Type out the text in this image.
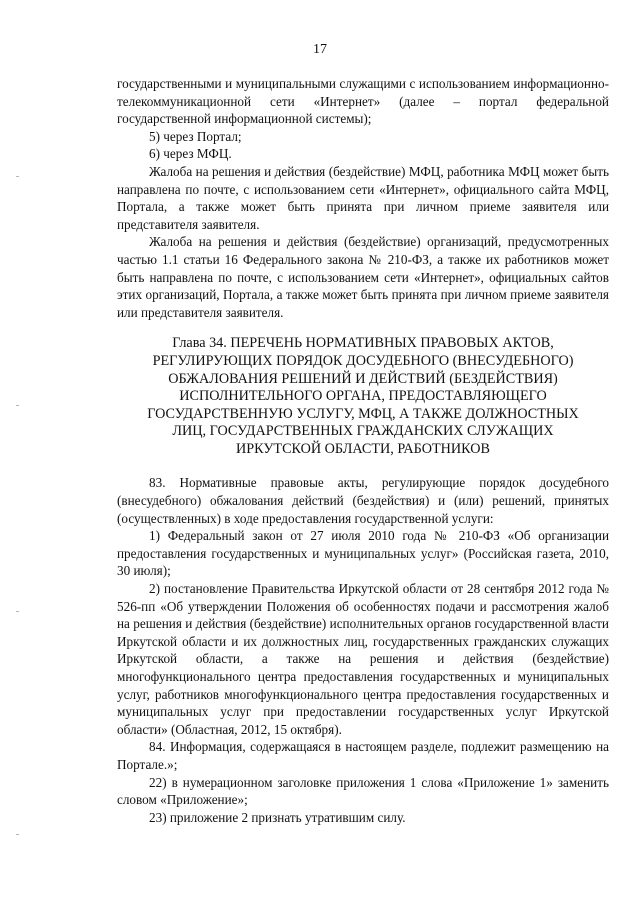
17

государственными и муниципальными служащими с использованием информационно-телекоммуникационной сети «Интернет» (далее – портал федеральной государственной информационной системы);

5) через Портал;

6) через МФЦ.

Жалоба на решения и действия (бездействие) МФЦ, работника МФЦ может быть направлена по почте, с использованием сети «Интернет», официального сайта МФЦ, Портала, а также может быть принята при личном приеме заявителя или представителя заявителя.

Жалоба на решения и действия (бездействие) организаций, предусмотренных частью 1.1 статьи 16 Федерального закона № 210-ФЗ, а также их работников может быть направлена по почте, с использованием сети «Интернет», официальных сайтов этих организаций, Портала, а также может быть принята при личном приеме заявителя или представителя заявителя.

Глава 34. ПЕРЕЧЕНЬ НОРМАТИВНЫХ ПРАВОВЫХ АКТОВ,
РЕГУЛИРУЮЩИХ ПОРЯДОК ДОСУДЕБНОГО (ВНЕСУДЕБНОГО)
ОБЖАЛОВАНИЯ РЕШЕНИЙ И ДЕЙСТВИЙ (БЕЗДЕЙСТВИЯ)
ИСПОЛНИТЕЛЬНОГО ОРГАНА, ПРЕДОСТАВЛЯЮЩЕГО
ГОСУДАРСТВЕННУЮ УСЛУГУ, МФЦ, А ТАКЖЕ ДОЛЖНОСТНЫХ
ЛИЦ, ГОСУДАРСТВЕННЫХ ГРАЖДАНСКИХ СЛУЖАЩИХ
ИРКУТСКОЙ ОБЛАСТИ, РАБОТНИКОВ

83. Нормативные правовые акты, регулирующие порядок досудебного (внесудебного) обжалования действий (бездействия) и (или) решений, принятых (осуществленных) в ходе предоставления государственной услуги:

1) Федеральный закон от 27 июля 2010 года № 210-ФЗ «Об организации предоставления государственных и муниципальных услуг» (Российская газета, 2010, 30 июля);

2) постановление Правительства Иркутской области от 28 сентября 2012 года № 526-пп «Об утверждении Положения об особенностях подачи и рассмотрения жалоб на решения и действия (бездействие) исполнительных органов государственной власти Иркутской области и их должностных лиц, государственных гражданских служащих Иркутской области, а также на решения и действия (бездействие) многофункционального центра предоставления государственных и муниципальных услуг, работников многофункционального центра предоставления государственных и муниципальных услуг при предоставлении государственных услуг Иркутской области» (Областная, 2012, 15 октября).

84. Информация, содержащаяся в настоящем разделе, подлежит размещению на Портале.»;

22) в нумерационном заголовке приложения 1 слова «Приложение 1» заменить словом «Приложение»;

23) приложение 2 признать утратившим силу.
